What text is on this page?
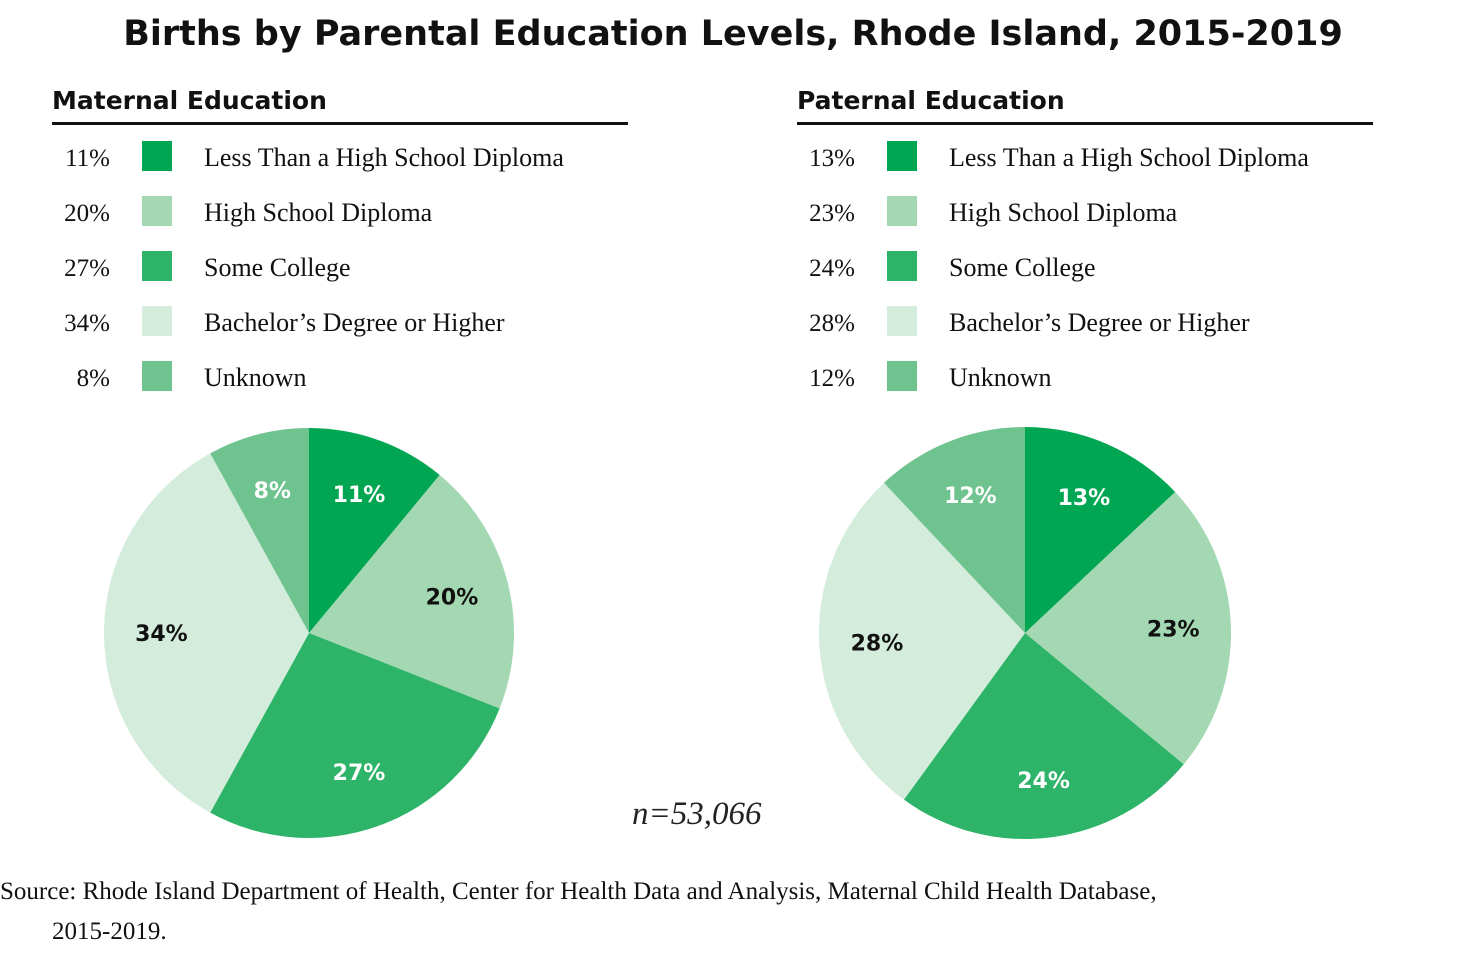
Births by Parental Education Levels, Rhode Island, 2015-2019
Maternal Education
11%	Less Than a High School Diploma
20%	High School Diploma
27%	Some College
34%	Bachelor’s Degree or Higher
8%	Unknown
Paternal Education
13%	Less Than a High School Diploma
23%	High School Diploma
24%	Some College
28%	Bachelor’s Degree or Higher
12%	Unknown
11%
20%
27%
34%
8%	13%
23%
24%
28%
12%
n=53,066
Source: Rhode Island Department of Health, Center for Health Data and Analysis, Maternal Child Health Database,
2015-2019.
